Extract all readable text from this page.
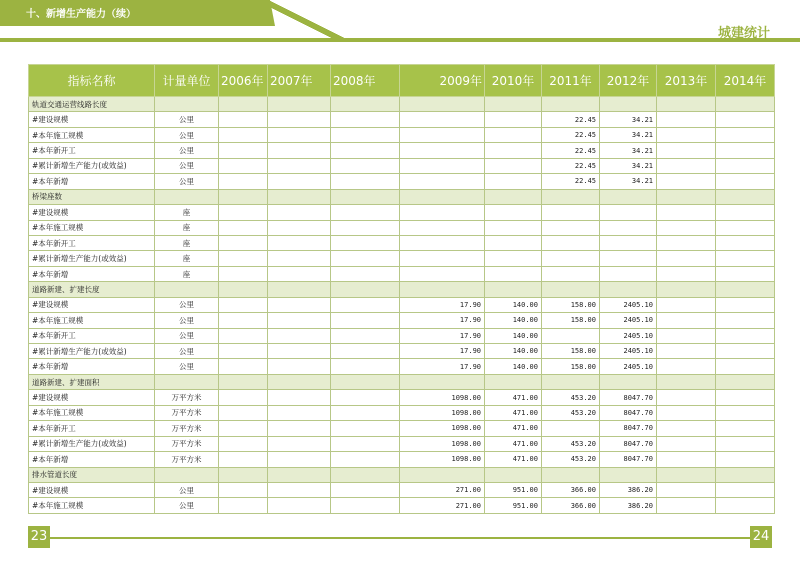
十、新增生产能力（续）
城建统计
指标名称	计量单位	2006年	2007年	2008年	2009年	2010年	2011年	2012年	2013年	2014年
轨道交通运营线路长度										
#建设规模	公里						22.45	34.21		
#本年施工规模	公里						22.45	34.21		
#本年新开工	公里						22.45	34.21		
#累计新增生产能力(或效益)	公里						22.45	34.21		
#本年新增	公里						22.45	34.21		
桥梁座数										
#建设规模	座									
#本年施工规模	座									
#本年新开工	座									
#累计新增生产能力(或效益)	座									
#本年新增	座									
道路新建、扩建长度										
#建设规模	公里				17.90	140.00	158.00	2405.10		
#本年施工规模	公里				17.90	140.00	158.00	2405.10		
#本年新开工	公里				17.90	140.00		2405.10		
#累计新增生产能力(或效益)	公里				17.90	140.00	158.00	2405.10		
#本年新增	公里				17.90	140.00	158.00	2405.10		
道路新建、扩建面积										
#建设规模	万平方米				1098.00	471.00	453.20	8047.70		
#本年施工规模	万平方米				1098.00	471.00	453.20	8047.70		
#本年新开工	万平方米				1098.00	471.00		8047.70		
#累计新增生产能力(或效益)	万平方米				1098.00	471.00	453.20	8047.70		
#本年新增	万平方米				1098.00	471.00	453.20	8047.70		
排水管道长度										
#建设规模	公里				271.00	951.00	366.00	386.20		
#本年施工规模	公里				271.00	951.00	366.00	386.20		
23	24
